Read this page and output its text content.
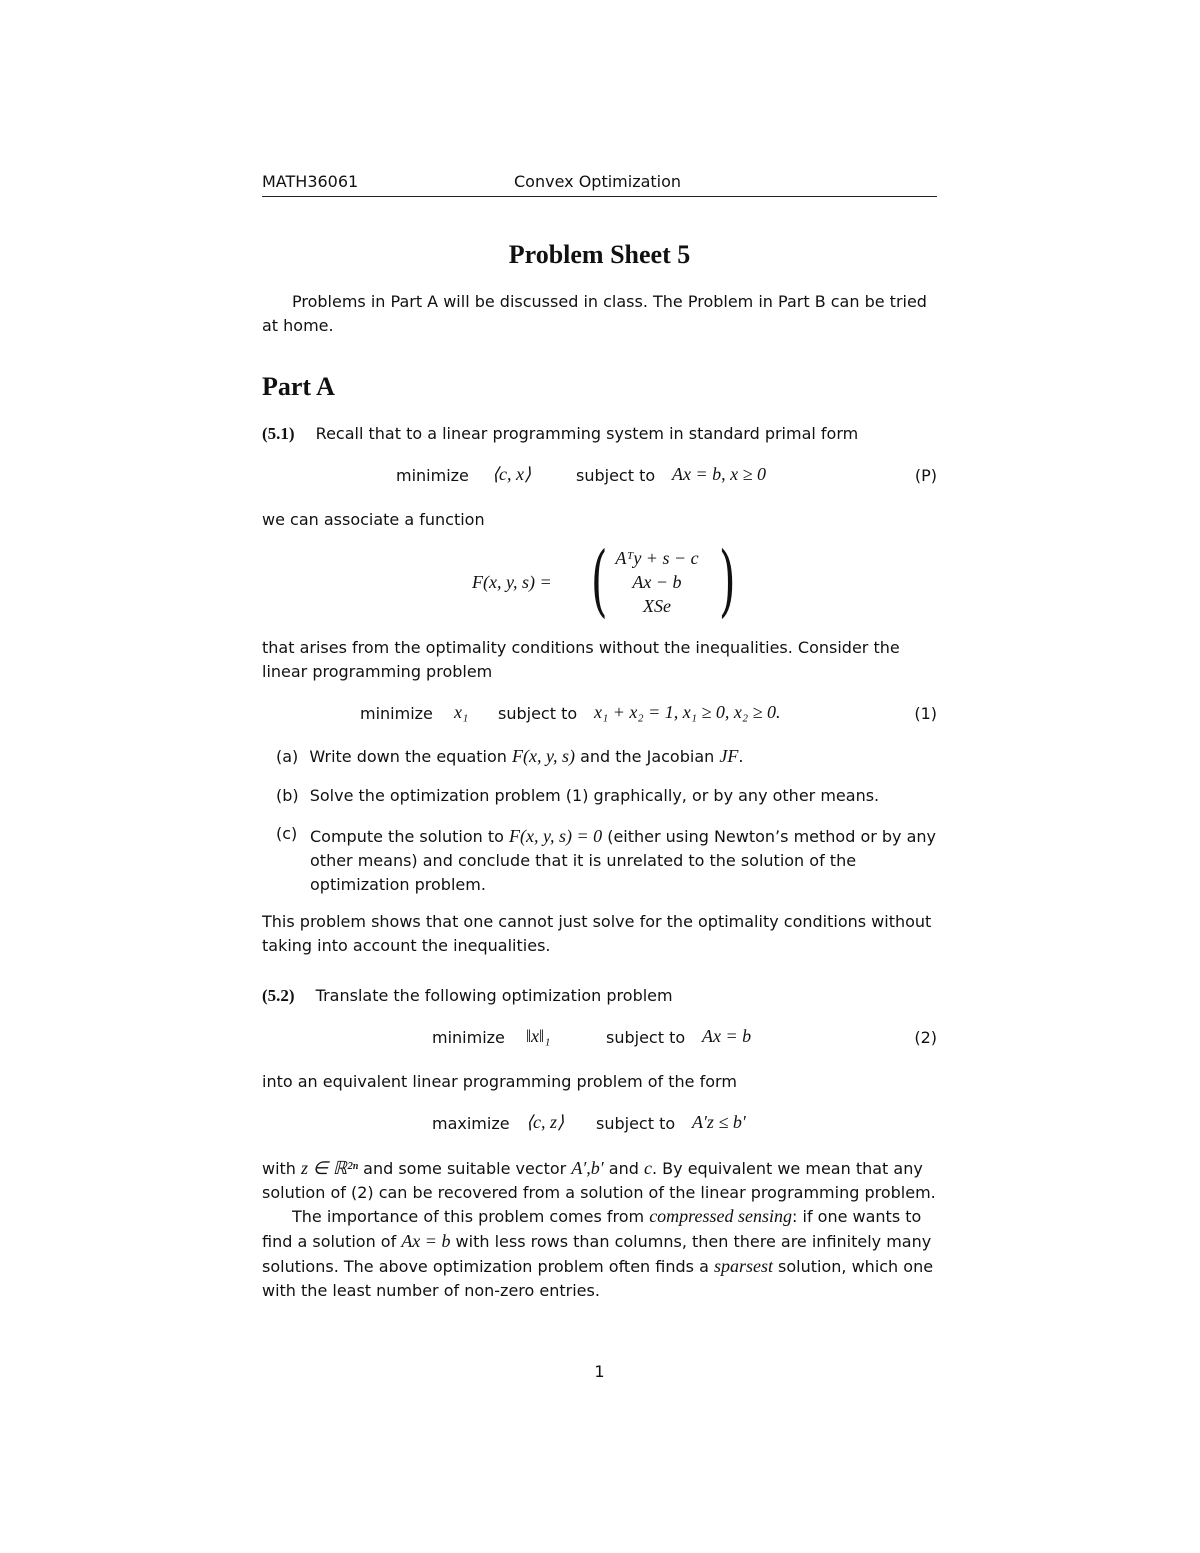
MATH36061	Convex Optimization
Problem Sheet 5
Problems in Part A will be discussed in class. The Problem in Part B can be tried at home.
Part A
(5.1) Recall that to a linear programming system in standard primal form
minimize ⟨c, x⟩	subject to Ax = b, x ≥ 0	(P)
we can associate a function
F(x, y, s) = ( Aᵀy + s − c
Ax − b
XSe )
that arises from the optimality conditions without the inequalities. Consider the linear programming problem
minimize x₁ subject to x₁ + x₂ = 1, x₁ ≥ 0, x₂ ≥ 0.	(1)
(a) Write down the equation F(x, y, s) and the Jacobian JF.
(b) Solve the optimization problem (1) graphically, or by any other means.
(c) Compute the solution to F(x, y, s) = 0 (either using Newton’s method or by any other means) and conclude that it is unrelated to the solution of the optimization problem.
This problem shows that one cannot just solve for the optimality conditions without taking into account the inequalities.
(5.2) Translate the following optimization problem
minimize ‖x‖₁	subject to Ax = b	(2)
into an equivalent linear programming problem of the form
maximize ⟨c, z⟩ subject to A′z ≤ b′
with z ∈ ℝ²ⁿ and some suitable vector A′,b′ and c. By equivalent we mean that any solution of (2) can be recovered from a solution of the linear programming problem.
The importance of this problem comes from compressed sensing: if one wants to find a solution of Ax = b with less rows than columns, then there are infinitely many solutions. The above optimization problem often finds a sparsest solution, which one with the least number of non-zero entries.
1
